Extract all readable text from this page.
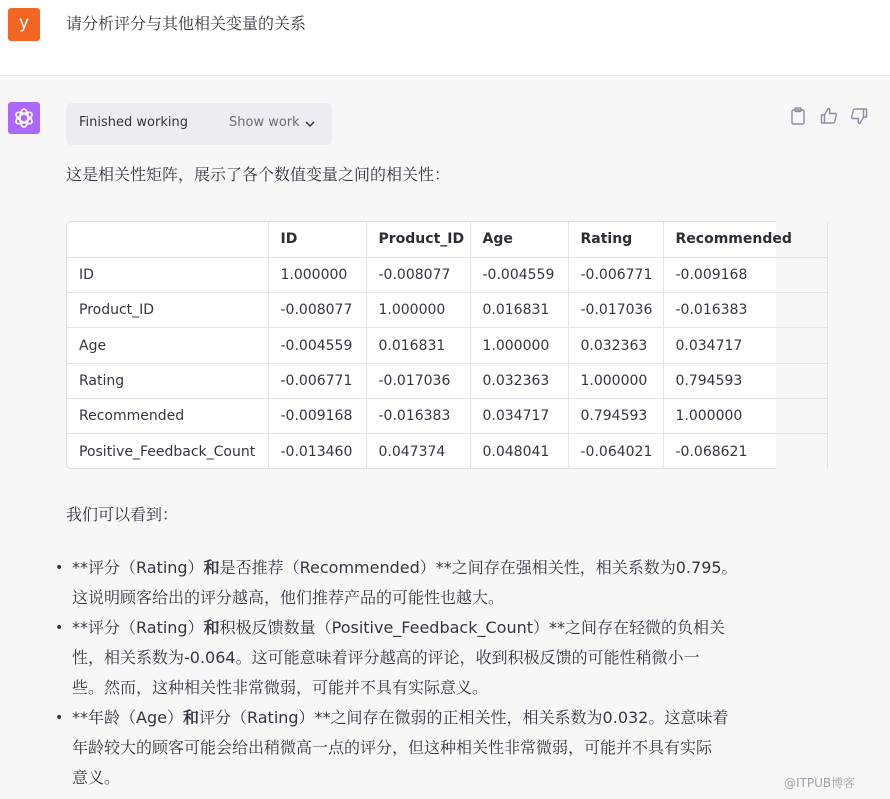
y	请分析评分与其他相关变量的关系
Finished working	Show work
这是相关性矩阵，展示了各个数值变量之间的相关性：
	ID	Product_ID	Age	Rating	Recommended
ID	1.000000	-0.008077	-0.004559	-0.006771	-0.009168
Product_ID	-0.008077	1.000000	0.016831	-0.017036	-0.016383
Age	-0.004559	0.016831	1.000000	0.032363	0.034717
Rating	-0.006771	-0.017036	0.032363	1.000000	0.794593
Recommended	-0.009168	-0.016383	0.034717	0.794593	1.000000
Positive_Feedback_Count	-0.013460	0.047374	0.048041	-0.064021	-0.068621
我们可以看到：
• **评分（Rating）和是否推荐（Recommended）**之间存在强相关性，相关系数为0.795。
这说明顾客给出的评分越高，他们推荐产品的可能性也越大。
• **评分（Rating）和积极反馈数量（Positive_Feedback_Count）**之间存在轻微的负相关
性，相关系数为-0.064。这可能意味着评分越高的评论，收到积极反馈的可能性稍微小一
些。然而，这种相关性非常微弱，可能并不具有实际意义。
• **年龄（Age）和评分（Rating）**之间存在微弱的正相关性，相关系数为0.032。这意味着
年龄较大的顾客可能会给出稍微高一点的评分，但这种相关性非常微弱，可能并不具有实际
意义。	@ITPUB博客
